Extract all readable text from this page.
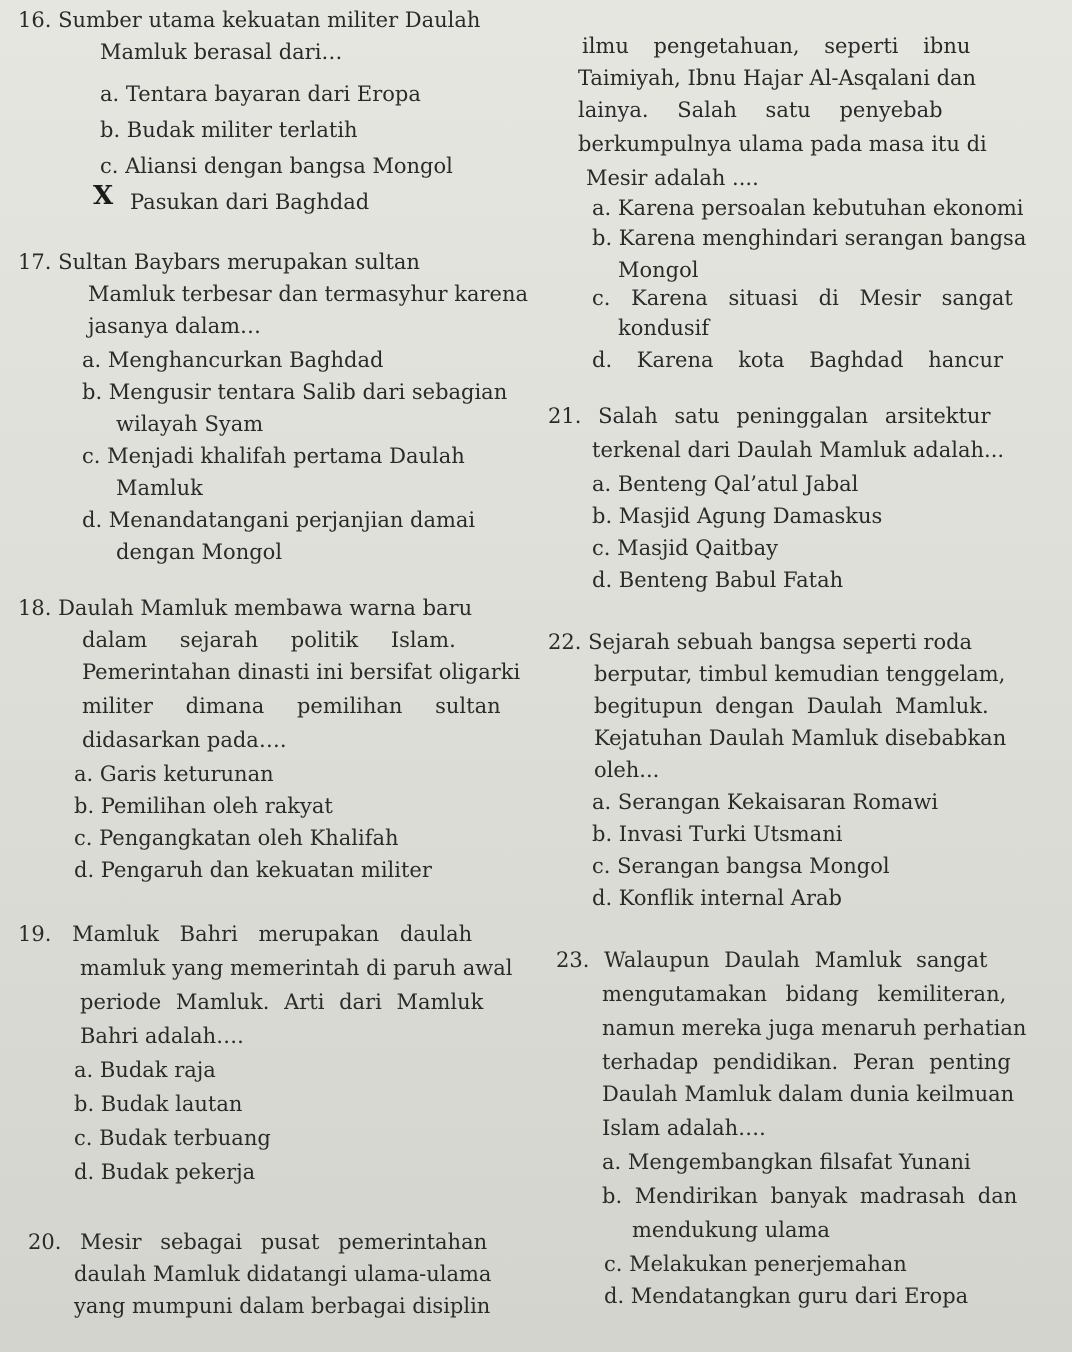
16. Sumber utama kekuatan militer Daulah
Mamluk berasal dari…
a. Tentara bayaran dari Eropa
b. Budak militer terlatih
c. Aliansi dengan bangsa Mongol
X Pasukan dari Baghdad
17. Sultan Baybars merupakan sultan
Mamluk terbesar dan termasyhur karena
jasanya dalam…
a. Menghancurkan Baghdad
b. Mengusir tentara Salib dari sebagian
wilayah Syam
c. Menjadi khalifah pertama Daulah
Mamluk
d. Menandatangani perjanjian damai
dengan Mongol
18. Daulah Mamluk membawa warna baru
dalam sejarah politik Islam.
Pemerintahan dinasti ini bersifat oligarki
militer dimana pemilihan sultan
didasarkan pada….
a. Garis keturunan
b. Pemilihan oleh rakyat
c. Pengangkatan oleh Khalifah
d. Pengaruh dan kekuatan militer
19. Mamluk Bahri merupakan daulah
mamluk yang memerintah di paruh awal
periode Mamluk. Arti dari Mamluk
Bahri adalah….
a. Budak raja
b. Budak lautan
c. Budak terbuang
d. Budak pekerja
20. Mesir sebagai pusat pemerintahan
daulah Mamluk didatangi ulama-ulama
yang mumpuni dalam berbagai disiplin
ilmu pengetahuan, seperti ibnu
Taimiyah, Ibnu Hajar Al-Asqalani dan
lainya. Salah satu penyebab
berkumpulnya ulama pada masa itu di
Mesir adalah ....
a. Karena persoalan kebutuhan ekonomi
b. Karena menghindari serangan bangsa
Mongol
c. Karena situasi di Mesir sangat
kondusif
d. Karena kota Baghdad hancur
21. Salah satu peninggalan arsitektur
terkenal dari Daulah Mamluk adalah...
a. Benteng Qal’atul Jabal
b. Masjid Agung Damaskus
c. Masjid Qaitbay
d. Benteng Babul Fatah
22. Sejarah sebuah bangsa seperti roda
berputar, timbul kemudian tenggelam,
begitupun dengan Daulah Mamluk.
Kejatuhan Daulah Mamluk disebabkan
oleh...
a. Serangan Kekaisaran Romawi
b. Invasi Turki Utsmani
c. Serangan bangsa Mongol
d. Konflik internal Arab
23. Walaupun Daulah Mamluk sangat
mengutamakan bidang kemiliteran,
namun mereka juga menaruh perhatian
terhadap pendidikan. Peran penting
Daulah Mamluk dalam dunia keilmuan
Islam adalah….
a. Mengembangkan filsafat Yunani
b. Mendirikan banyak madrasah dan
mendukung ulama
c. Melakukan penerjemahan
d. Mendatangkan guru dari Eropa
